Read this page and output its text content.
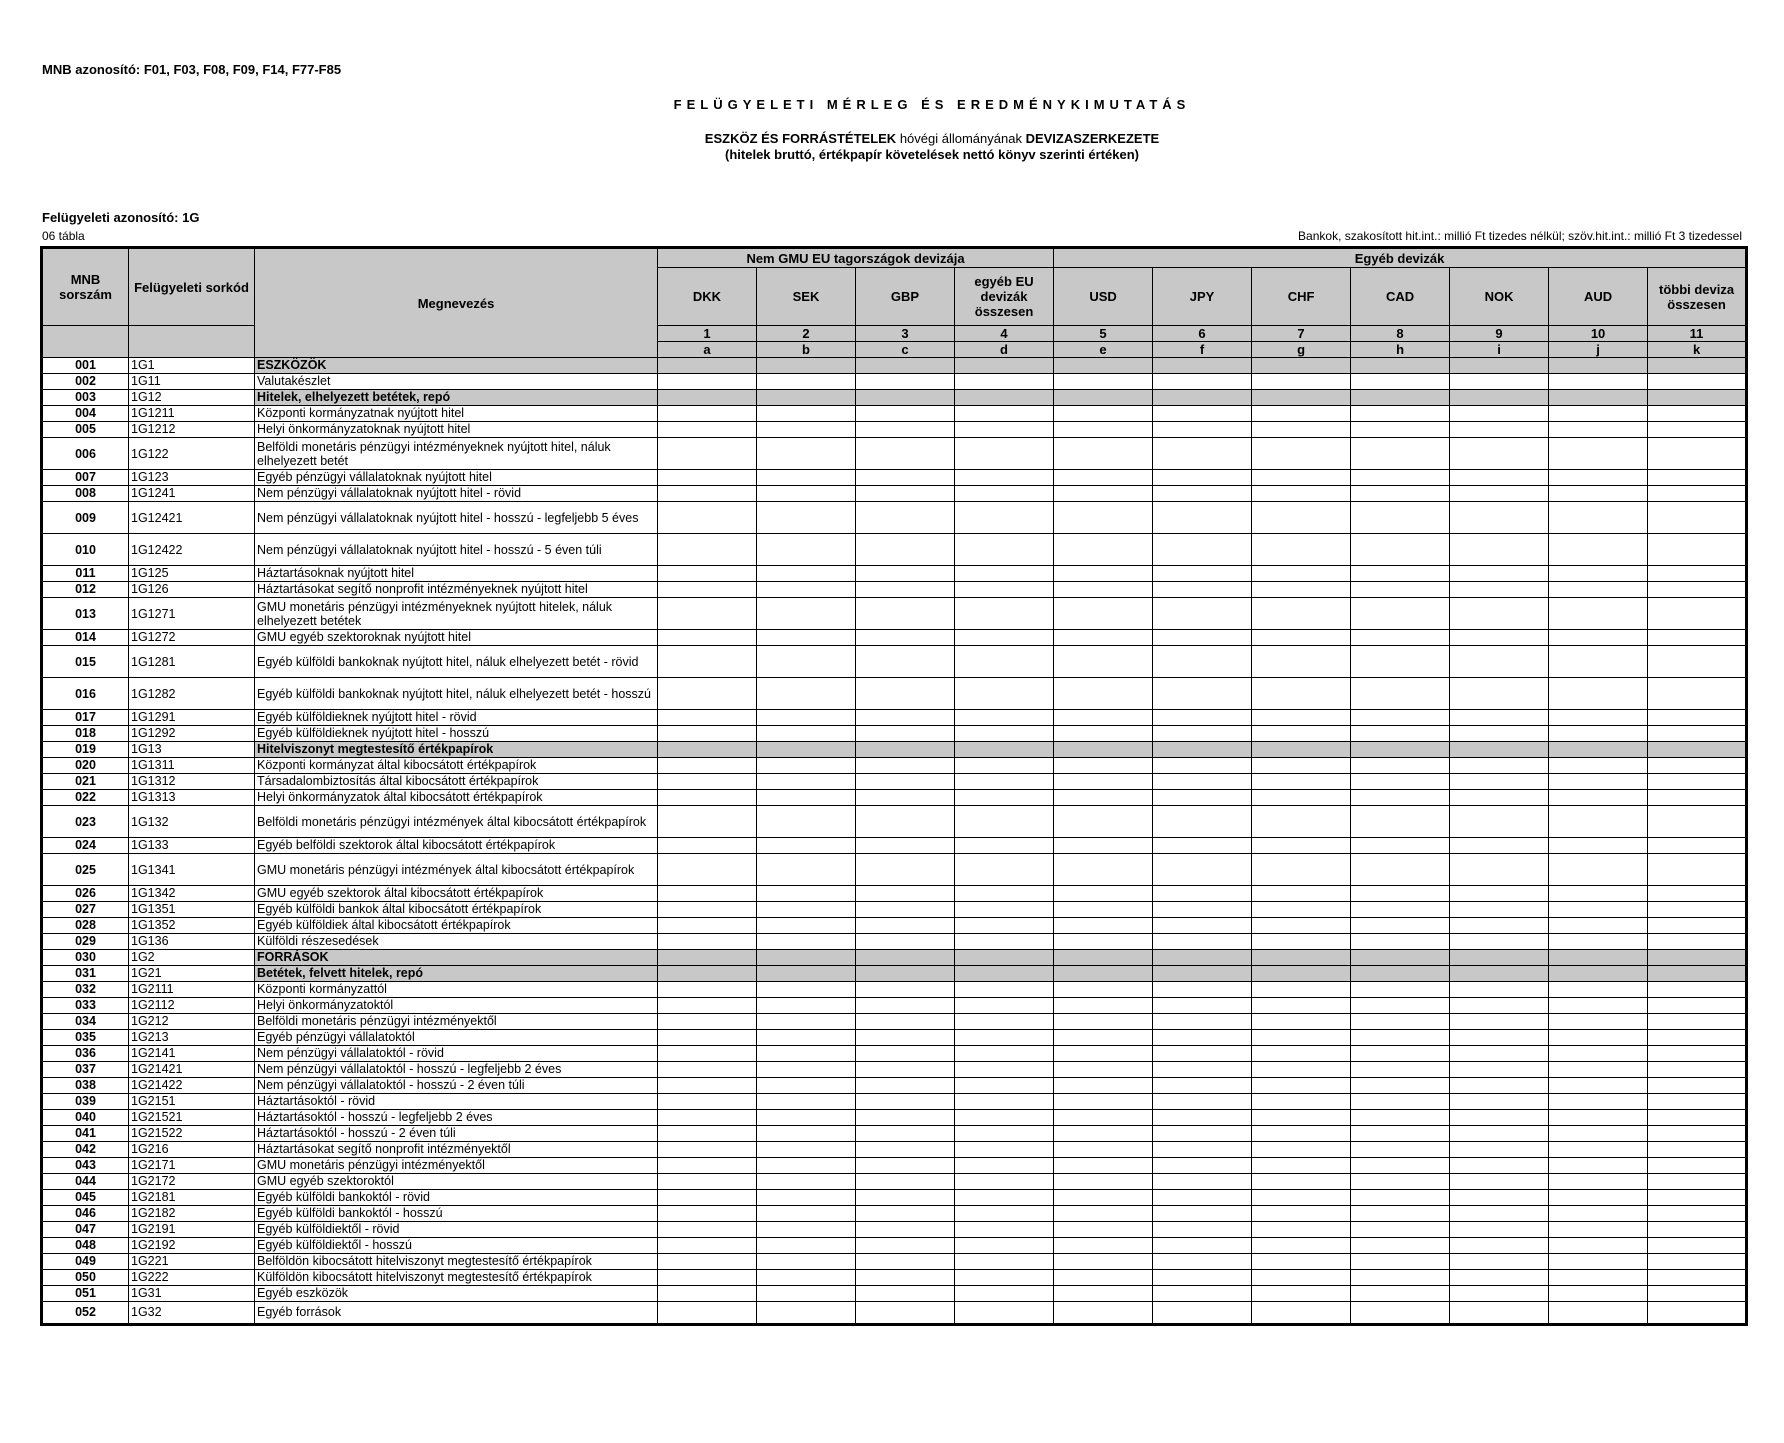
MNB azonosító: F01, F03, F08, F09, F14, F77-F85
FELÜGYELETI MÉRLEG ÉS EREDMÉNYKIMUTATÁS
ESZKÖZ ÉS FORRÁSTÉTELEK hóvégi állományának DEVIZASZERKEZETE
(hitelek bruttó, értékpapír követelések nettó könyv szerinti értéken)
Felügyeleti azonosító: 1G
06 tábla	Bankok, szakosított hit.int.: millió Ft tizedes nélkül; szöv.hit.int.: millió Ft 3 tizedessel
MNB sorszám	Felügyeleti sorkód	Megnevezés	Nem GMU EU tagországok devizája				Egyéb devizák						
			DKK	SEK	GBP	egyéb EU devizák összesen	USD	JPY	CHF	CAD	NOK	AUD	többi deviza összesen
			1	2	3	4	5	6	7	8	9	10	11
			a	b	c	d	e	f	g	h	i	j	k
001	1G1	ESZKÖZÖK											
002	1G11	Valutakészlet											
003	1G12	Hitelek, elhelyezett betétek, repó											
004	1G1211	Központi kormányzatnak nyújtott hitel											
005	1G1212	Helyi önkormányzatoknak nyújtott hitel											
006	1G122	Belföldi monetáris pénzügyi intézményeknek nyújtott hitel, náluk elhelyezett betét											
007	1G123	Egyéb pénzügyi vállalatoknak nyújtott hitel											
008	1G1241	Nem pénzügyi vállalatoknak nyújtott hitel - rövid											
009	1G12421	Nem pénzügyi vállalatoknak nyújtott hitel - hosszú - legfeljebb 5 éves											
010	1G12422	Nem pénzügyi vállalatoknak nyújtott hitel - hosszú - 5 éven túli											
011	1G125	Háztartásoknak nyújtott hitel											
012	1G126	Háztartásokat segítő nonprofit intézményeknek nyújtott hitel											
013	1G1271	GMU monetáris pénzügyi intézményeknek nyújtott hitelek, náluk elhelyezett betétek											
014	1G1272	GMU egyéb szektoroknak nyújtott hitel											
015	1G1281	Egyéb külföldi bankoknak nyújtott hitel, náluk elhelyezett betét - rövid											
016	1G1282	Egyéb külföldi bankoknak nyújtott hitel, náluk elhelyezett betét - hosszú											
017	1G1291	Egyéb külföldieknek nyújtott hitel - rövid											
018	1G1292	Egyéb külföldieknek nyújtott hitel - hosszú											
019	1G13	Hitelviszonyt megtestesítő értékpapírok											
020	1G1311	Központi kormányzat által kibocsátott értékpapírok											
021	1G1312	Társadalombiztosítás által kibocsátott értékpapírok											
022	1G1313	Helyi önkormányzatok által kibocsátott értékpapírok											
023	1G132	Belföldi monetáris pénzügyi intézmények által kibocsátott értékpapírok											
024	1G133	Egyéb belföldi szektorok által kibocsátott értékpapírok											
025	1G1341	GMU monetáris pénzügyi intézmények által kibocsátott értékpapírok											
026	1G1342	GMU egyéb szektorok által kibocsátott értékpapírok											
027	1G1351	Egyéb külföldi bankok által kibocsátott értékpapírok											
028	1G1352	Egyéb külföldiek által kibocsátott értékpapírok											
029	1G136	Külföldi részesedések											
030	1G2	FORRÁSOK											
031	1G21	Betétek, felvett hitelek, repó											
032	1G2111	Központi kormányzattól											
033	1G2112	Helyi önkormányzatoktól											
034	1G212	Belföldi monetáris pénzügyi intézményektől											
035	1G213	Egyéb pénzügyi vállalatoktól											
036	1G2141	Nem pénzügyi vállalatoktól - rövid											
037	1G21421	Nem pénzügyi vállalatoktól - hosszú - legfeljebb 2 éves											
038	1G21422	Nem pénzügyi vállalatoktól - hosszú - 2 éven túli											
039	1G2151	Háztartásoktól - rövid											
040	1G21521	Háztartásoktól - hosszú - legfeljebb 2 éves											
041	1G21522	Háztartásoktól - hosszú - 2 éven túli											
042	1G216	Háztartásokat segítő nonprofit intézményektől											
043	1G2171	GMU monetáris pénzügyi intézményektől											
044	1G2172	GMU egyéb szektoroktól											
045	1G2181	Egyéb külföldi bankoktól - rövid											
046	1G2182	Egyéb külföldi bankoktól - hosszú											
047	1G2191	Egyéb külföldiektől - rövid											
048	1G2192	Egyéb külföldiektől - hosszú											
049	1G221	Belföldön kibocsátott hitelviszonyt megtestesítő értékpapírok											
050	1G222	Külföldön kibocsátott hitelviszonyt megtestesítő értékpapírok											
051	1G31	Egyéb eszközök											
052	1G32	Egyéb források											
